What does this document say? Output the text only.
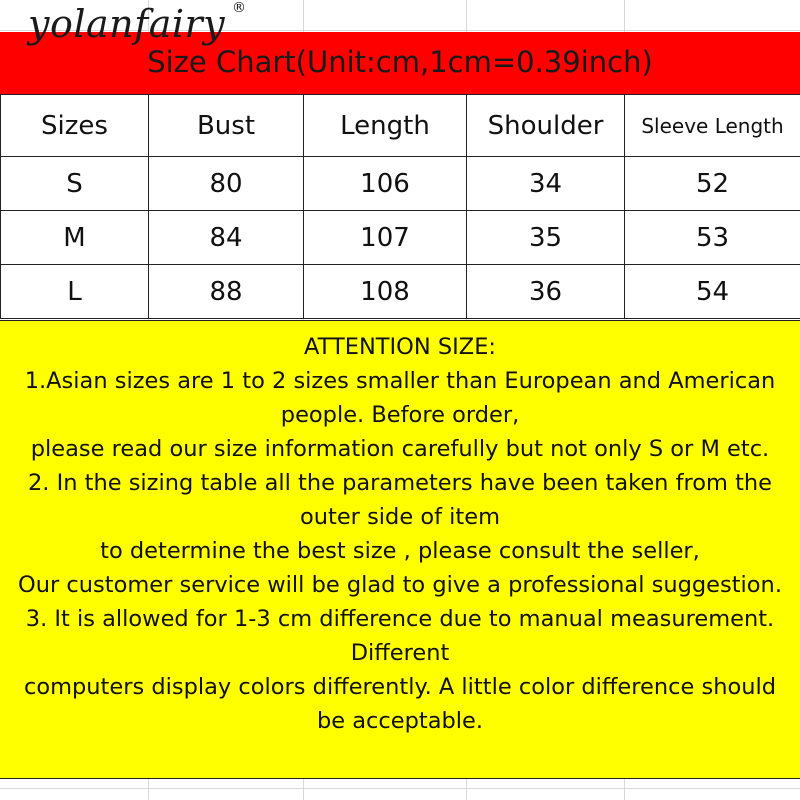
yolanfairy ®
Size Chart(Unit:cm,1cm=0.39inch)
Sizes	Bust	Length	Shoulder	Sleeve Length
S	80	106	34	52
M	84	107	35	53
L	88	108	36	54
ATTENTION SIZE:
1.Asian sizes are 1 to 2 sizes smaller than European and American
people. Before order,
please read our size information carefully but not only S or M etc.
2. In the sizing table all the parameters have been taken from the
outer side of item
to determine the best size , please consult the seller,
Our customer service will be glad to give a professional suggestion.
3. It is allowed for 1-3 cm difference due to manual measurement.
Different
computers display colors differently. A little color difference should
be acceptable.
